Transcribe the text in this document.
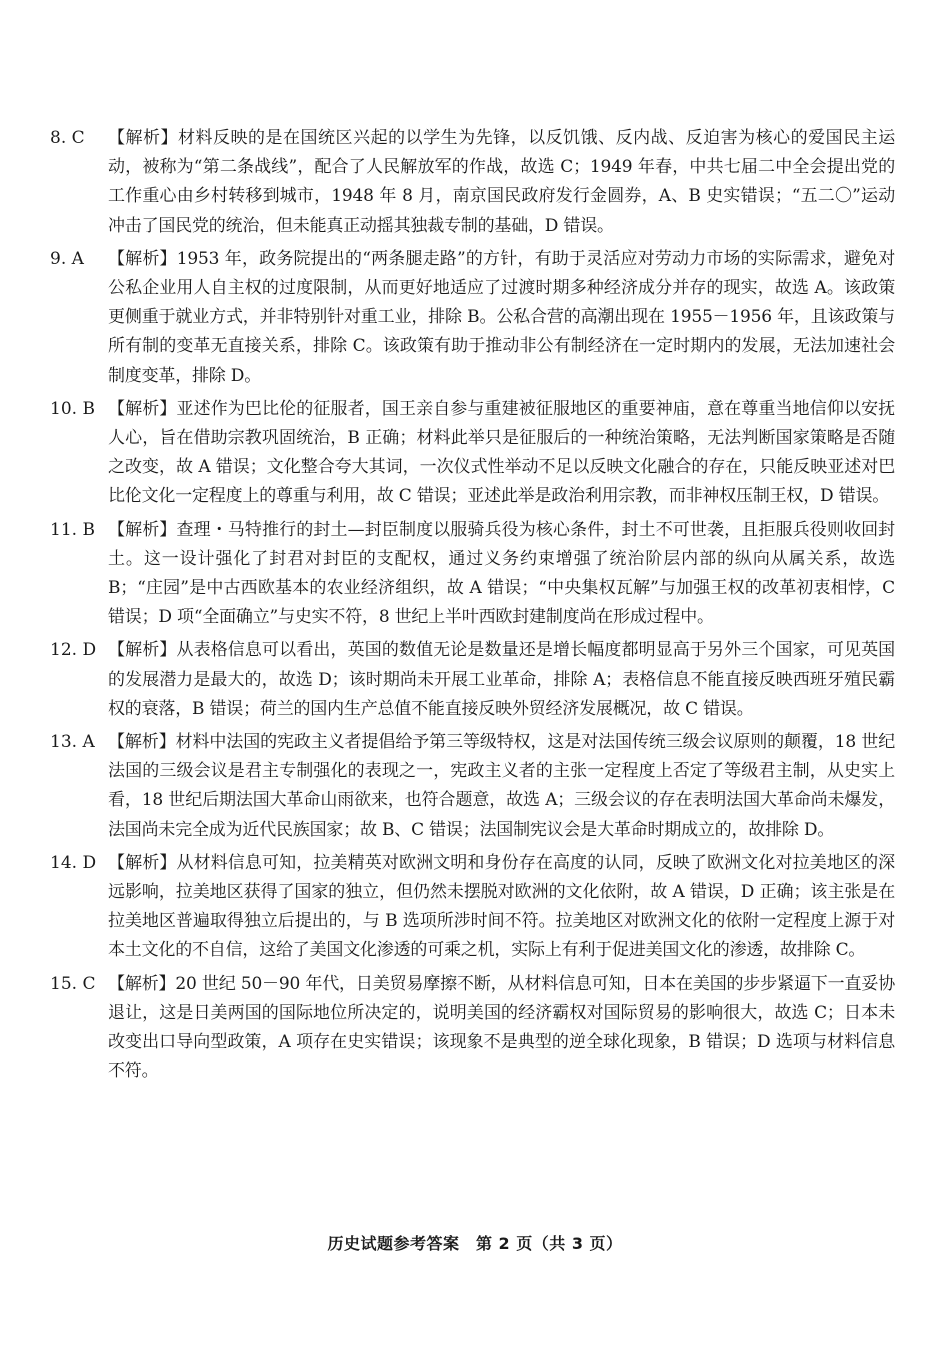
8. C	【解析】材料反映的是在国统区兴起的以学生为先锋，以反饥饿、反内战、反迫害为核心的爱国民主运动，被称为“第二条战线”，配合了人民解放军的作战，故选 C；1949 年春，中共七届二中全会提出党的工作重心由乡村转移到城市，1948 年 8 月，南京国民政府发行金圆券，A、B 史实错误；“五二〇”运动冲击了国民党的统治，但未能真正动摇其独裁专制的基础，D 错误。
9. A	【解析】1953 年，政务院提出的“两条腿走路”的方针，有助于灵活应对劳动力市场的实际需求，避免对公私企业用人自主权的过度限制，从而更好地适应了过渡时期多种经济成分并存的现实，故选 A。该政策更侧重于就业方式，并非特别针对重工业，排除 B。公私合营的高潮出现在 1955－1956 年，且该政策与所有制的变革无直接关系，排除 C。该政策有助于推动非公有制经济在一定时期内的发展，无法加速社会制度变革，排除 D。
10. B 【解析】亚述作为巴比伦的征服者，国王亲自参与重建被征服地区的重要神庙，意在尊重当地信仰以安抚人心，旨在借助宗教巩固统治，B 正确；材料此举只是征服后的一种统治策略，无法判断国家策略是否随之改变，故 A 错误；文化整合夸大其词，一次仪式性举动不足以反映文化融合的存在，只能反映亚述对巴比伦文化一定程度上的尊重与利用，故 C 错误；亚述此举是政治利用宗教，而非神权压制王权，D 错误。
11. B 【解析】查理・马特推行的封土—封臣制度以服骑兵役为核心条件，封土不可世袭，且拒服兵役则收回封土。这一设计强化了封君对封臣的支配权，通过义务约束增强了统治阶层内部的纵向从属关系，故选 B；“庄园”是中古西欧基本的农业经济组织，故 A 错误；“中央集权瓦解”与加强王权的改革初衷相悖，C 错误；D 项“全面确立”与史实不符，8 世纪上半叶西欧封建制度尚在形成过程中。
12. D 【解析】从表格信息可以看出，英国的数值无论是数量还是增长幅度都明显高于另外三个国家，可见英国的发展潜力是最大的，故选 D；该时期尚未开展工业革命，排除 A；表格信息不能直接反映西班牙殖民霸权的衰落，B 错误；荷兰的国内生产总值不能直接反映外贸经济发展概况，故 C 错误。
13. A 【解析】材料中法国的宪政主义者提倡给予第三等级特权，这是对法国传统三级会议原则的颠覆，18 世纪法国的三级会议是君主专制强化的表现之一，宪政主义者的主张一定程度上否定了等级君主制，从史实上看，18 世纪后期法国大革命山雨欲来，也符合题意，故选 A；三级会议的存在表明法国大革命尚未爆发，法国尚未完全成为近代民族国家；故 B、C 错误；法国制宪议会是大革命时期成立的，故排除 D。
14. D 【解析】从材料信息可知，拉美精英对欧洲文明和身份存在高度的认同，反映了欧洲文化对拉美地区的深远影响，拉美地区获得了国家的独立，但仍然未摆脱对欧洲的文化依附，故 A 错误，D 正确；该主张是在拉美地区普遍取得独立后提出的，与 B 选项所涉时间不符。拉美地区对欧洲文化的依附一定程度上源于对本土文化的不自信，这给了美国文化渗透的可乘之机，实际上有利于促进美国文化的渗透，故排除 C。
15. C 【解析】20 世纪 50－90 年代，日美贸易摩擦不断，从材料信息可知，日本在美国的步步紧逼下一直妥协退让，这是日美两国的国际地位所决定的，说明美国的经济霸权对国际贸易的影响很大，故选 C；日本未改变出口导向型政策，A 项存在史实错误；该现象不是典型的逆全球化现象，B 错误；D 选项与材料信息不符。
历史试题参考答案　第 2 页（共 3 页）
